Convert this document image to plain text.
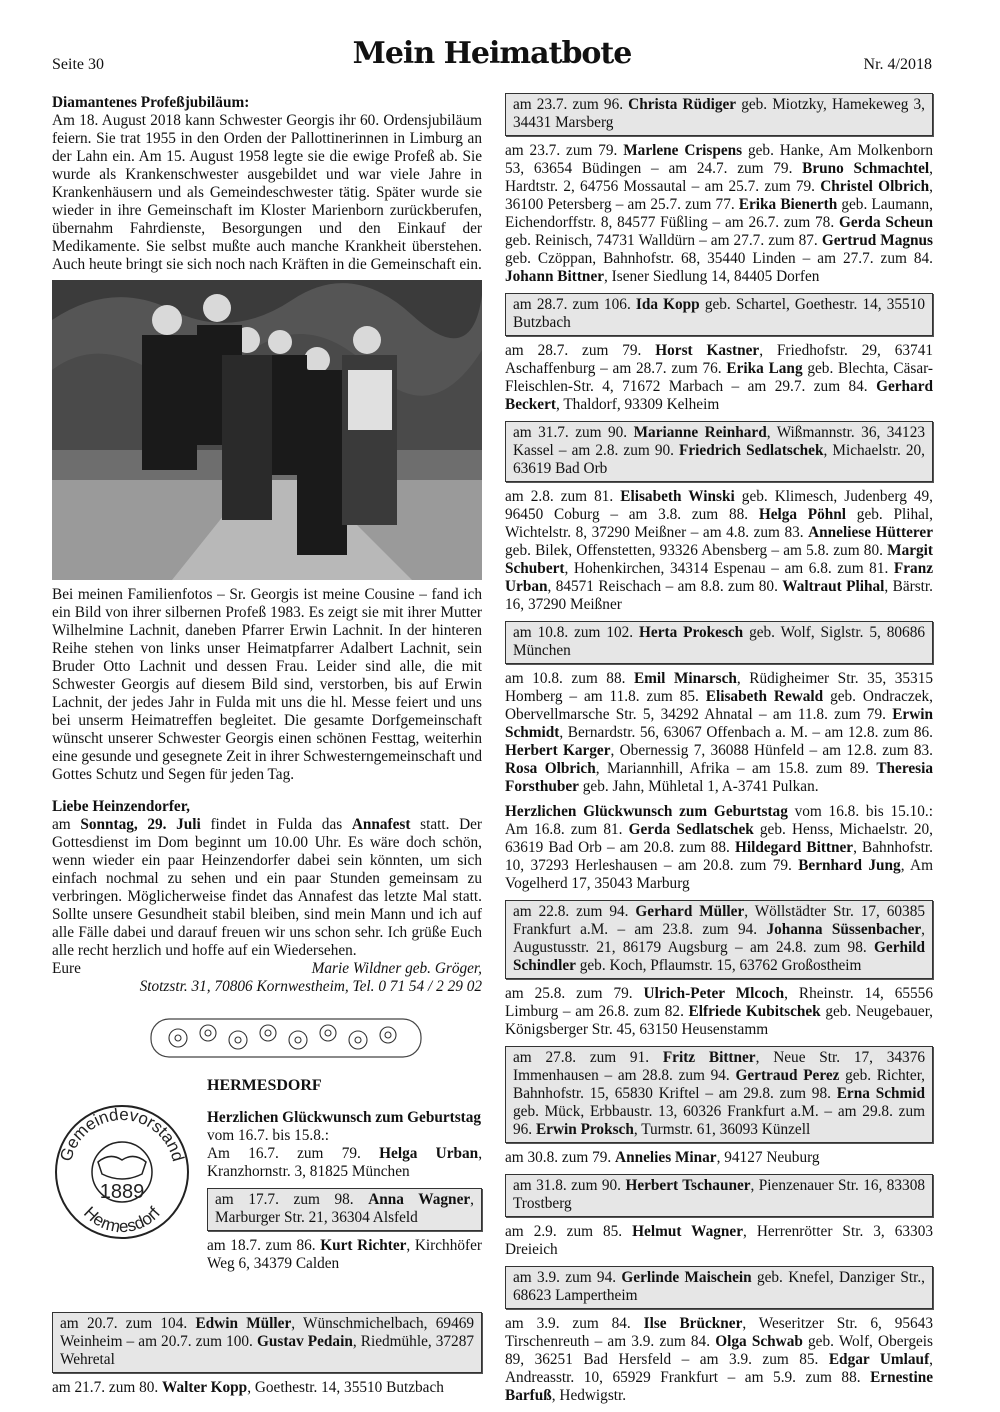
Seite 30	Mein Heimatbote	Nr. 4/2018

Diamantenes Profeßjubiläum:

Am 18. August 2018 kann Schwester Georgis ihr 60. Ordensjubiläum feiern. Sie trat 1955 in den Orden der Pallottinerinnen in Limburg an der Lahn ein. Am 15. August 1958 legte sie die ewige Profeß ab. Sie wurde als Krankenschwester ausgebildet und war viele Jahre in Krankenhäusern und als Gemeindeschwester tätig. Später wurde sie wieder in ihre Gemeinschaft im Kloster Marienborn zurückberufen, übernahm Fahrdienste, Besorgungen und den Einkauf der Medikamente. Sie selbst mußte auch manche Krankheit überstehen. Auch heute bringt sie sich noch nach Kräften in die Gemeinschaft ein.

Bei meinen Familienfotos – Sr. Georgis ist meine Cousine – fand ich ein Bild von ihrer silbernen Profeß 1983. Es zeigt sie mit ihrer Mutter Wilhelmine Lachnit, daneben Pfarrer Erwin Lachnit. In der hinteren Reihe stehen von links unser Heimatpfarrer Adalbert Lachnit, sein Bruder Otto Lachnit und dessen Frau. Leider sind alle, die mit Schwester Georgis auf diesem Bild sind, verstorben, bis auf Erwin Lachnit, der jedes Jahr in Fulda mit uns die hl. Messe feiert und uns bei unserm Heimatreffen begleitet. Die gesamte Dorfgemeinschaft wünscht unserer Schwester Georgis einen schönen Festtag, weiterhin eine gesunde und gesegnete Zeit in ihrer Schwesterngemeinschaft und Gottes Schutz und Segen für jeden Tag.

Liebe Heinzendorfer,

am Sonntag, 29. Juli findet in Fulda das Annafest statt. Der Gottesdienst im Dom beginnt um 10.00 Uhr. Es wäre doch schön, wenn wieder ein paar Heinzendorfer dabei sein könnten, um sich einfach nochmal zu sehen und ein paar Stunden gemeinsam zu verbringen. Möglicherweise findet das Annafest das letzte Mal statt. Sollte unsere Gesundheit stabil bleiben, sind mein Mann und ich auf alle Fälle dabei und darauf freuen wir uns schon sehr. Ich grüße Euch alle recht herzlich und hoffe auf ein Wiedersehen.

Eure	Marie Wildner geb. Gröger,

Stotzstr. 31, 70806 Kornwestheim, Tel. 0 71 54 / 2 29 02

1889
Gemeindevorstand
Hermesdorf
HERMESDORF

Herzlichen Glückwunsch zum Geburtstag

vom 16.7. bis 15.8.:

Am 16.7. zum 79. Helga Urban, Kranzhornstr. 3, 81825 München
am 17.7. zum 98. Anna Wagner, Marburger Str. 21, 36304 Alsfeld
am 18.7. zum 86. Kurt Richter, Kirchhöfer Weg 6, 34379 Calden
am 20.7. zum 104. Edwin Müller, Wünschmichelbach, 69469 Weinheim – am 20.7. zum 100. Gustav Pedain, Riedmühle, 37287 Wehretal
am 21.7. zum 80. Walter Kopp, Goethestr. 14, 35510 Butzbach
am 23.7. zum 96. Christa Rüdiger geb. Miotzky, Hamekeweg 3, 34431 Marsberg
am 23.7. zum 79. Marlene Crispens geb. Hanke, Am Molkenborn 53, 63654 Büdingen – am 24.7. zum 79. Bruno Schmachtel, Hardtstr. 2, 64756 Mossautal – am 25.7. zum 79. Christel Olbrich, 36100 Petersberg – am 25.7. zum 77. Erika Bienerth geb. Laumann, Eichendorffstr. 8, 84577 Füßling – am 26.7. zum 78. Gerda Scheun geb. Reinisch, 74731 Walldürn – am 27.7. zum 87. Gertrud Magnus geb. Czöppan, Bahnhofstr. 68, 35440 Linden – am 27.7. zum 84. Johann Bittner, Isener Siedlung 14, 84405 Dorfen
am 28.7. zum 106. Ida Kopp geb. Schartel, Goethestr. 14, 35510 Butzbach
am 28.7. zum 79. Horst Kastner, Friedhofstr. 29, 63741 Aschaffenburg – am 28.7. zum 76. Erika Lang geb. Blechta, Cäsar-Fleischlen-Str. 4, 71672 Marbach – am 29.7. zum 84. Gerhard Beckert, Thaldorf, 93309 Kelheim
am 31.7. zum 90. Marianne Reinhard, Wißmannstr. 36, 34123 Kassel – am 2.8. zum 90. Friedrich Sedlatschek, Michaelstr. 20, 63619 Bad Orb
am 2.8. zum 81. Elisabeth Winski geb. Klimesch, Judenberg 49, 96450 Coburg – am 3.8. zum 88. Helga Pöhnl geb. Plihal, Wichtelstr. 8, 37290 Meißner – am 4.8. zum 83. Anneliese Hütterer geb. Bilek, Offenstetten, 93326 Abensberg – am 5.8. zum 80. Margit Schubert, Hohenkirchen, 34314 Espenau – am 6.8. zum 81. Franz Urban, 84571 Reischach – am 8.8. zum 80. Waltraut Plihal, Bärstr. 16, 37290 Meißner
am 10.8. zum 102. Herta Prokesch geb. Wolf, Siglstr. 5, 80686 München
am 10.8. zum 88. Emil Minarsch, Rüdigheimer Str. 35, 35315 Homberg – am 11.8. zum 85. Elisabeth Rewald geb. Ondraczek, Obervellmarsche Str. 5, 34292 Ahnatal – am 11.8. zum 79. Erwin Schmidt, Bernardstr. 56, 63067 Offenbach a. M. – am 12.8. zum 86. Herbert Karger, Obernessig 7, 36088 Hünfeld – am 12.8. zum 83. Rosa Olbrich, Mariannhill, Afrika – am 15.8. zum 89. Theresia Forsthuber geb. Jahn, Mühletal 1, A-3741 Pulkan.
Herzlichen Glückwunsch zum Geburtstag vom 16.8. bis 15.10.: Am 16.8. zum 81. Gerda Sedlatschek geb. Henss, Michaelstr. 20, 63619 Bad Orb – am 20.8. zum 88. Hildegard Bittner, Bahnhofstr. 10, 37293 Herleshausen – am 20.8. zum 79. Bernhard Jung, Am Vogelherd 17, 35043 Marburg
am 22.8. zum 94. Gerhard Müller, Wöllstädter Str. 17, 60385 Frankfurt a.M. – am 23.8. zum 94. Johanna Süssenbacher, Augustusstr. 21, 86179 Augsburg – am 24.8. zum 98. Gerhild Schindler geb. Koch, Pflaumstr. 15, 63762 Großostheim
am 25.8. zum 79. Ulrich-Peter Mlcoch, Rheinstr. 14, 65556 Limburg – am 26.8. zum 82. Elfriede Kubitschek geb. Neugebauer, Königsberger Str. 45, 63150 Heusenstamm
am 27.8. zum 91. Fritz Bittner, Neue Str. 17, 34376 Immenhausen – am 28.8. zum 94. Gertraud Perez geb. Richter, Bahnhofstr. 15, 65830 Kriftel – am 29.8. zum 98. Erna Schmid geb. Mück, Erbbaustr. 13, 60326 Frankfurt a.M. – am 29.8. zum 96. Erwin Proksch, Turmstr. 61, 36093 Künzell
am 30.8. zum 79. Annelies Minar, 94127 Neuburg
am 31.8. zum 90. Herbert Tschauner, Pienzenauer Str. 16, 83308 Trostberg
am 2.9. zum 85. Helmut Wagner, Herrenrötter Str. 3, 63303 Dreieich
am 3.9. zum 94. Gerlinde Maischein geb. Knefel, Danziger Str., 68623 Lampertheim
am 3.9. zum 84. Ilse Brückner, Weseritzer Str. 6, 95643 Tirschenreuth – am 3.9. zum 84. Olga Schwab geb. Wolf, Obergeis 89, 36251 Bad Hersfeld – am 3.9. zum 85. Edgar Umlauf, Andreasstr. 10, 65929 Frankfurt – am 5.9. zum 88. Ernestine Barfuß, Hedwigstr.
